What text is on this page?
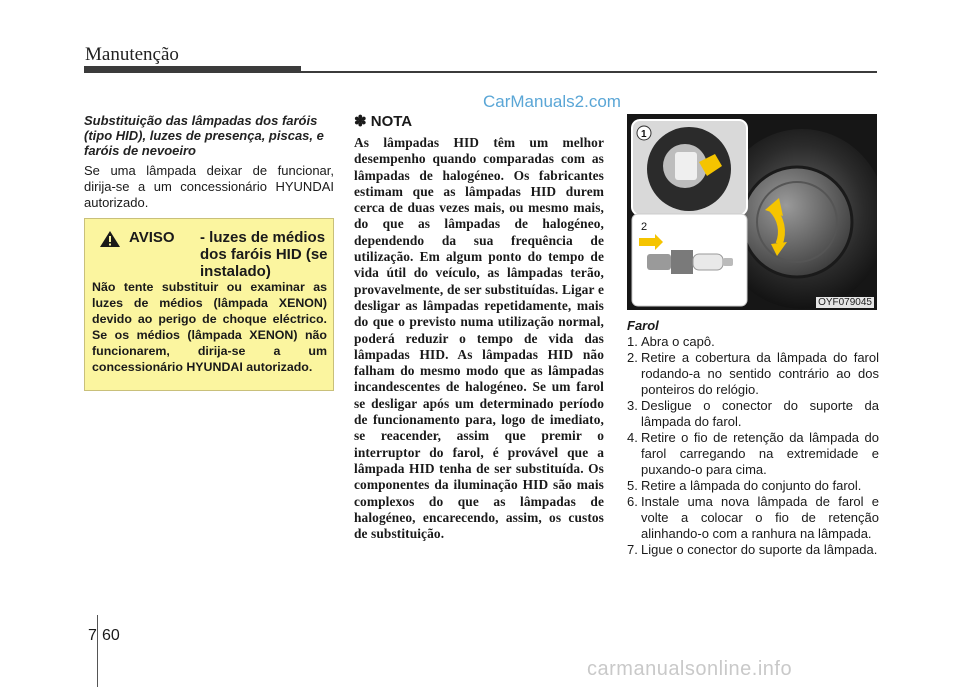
Manutenção
CarManuals2.com
Substituição das lâmpadas dos faróis (tipo HID), luzes de presença, piscas, e faróis de nevoeiro

Se uma lâmpada deixar de funcionar, dirija-se a um concessionário HYUNDAI autorizado.

AVISO - luzes de médios dos faróis HID (se instalado)
Não tente substituir ou examinar as luzes de médios (lâmpada XENON) devido ao perigo de choque eléctrico. Se os médios (lâmpada XENON) não funcionarem, dirija-se a um concessionário HYUNDAI autorizado.
✽ NOTA
As lâmpadas HID têm um melhor desempenho quando comparadas com as lâmpadas de halogéneo. Os fabricantes estimam que as lâmpadas HID durem cerca de duas vezes mais, ou mesmo mais, do que as lâmpadas de halogéneo, dependendo da sua frequência de utilização. Em algum ponto do tempo de vida útil do veículo, as lâmpadas terão, provavelmente, de ser substituídas. Ligar e desligar as lâmpadas repetidamente, mais do que o previsto numa utilização normal, poderá reduzir o tempo de vida das lâmpadas HID. As lâmpadas HID não falham do mesmo modo que as lâmpadas incandescentes de halogéneo. Se um farol se desligar após um determinado período de funcionamento para, logo de imediato, se reacender, assim que premir o interruptor do farol, é provável que a lâmpada HID tenha de ser substituída. Os componentes da iluminação HID são mais complexos do que as lâmpadas de halogéneo, encarecendo, assim, os custos de substituição.
1
2
OYF079045
Farol
1. Abra o capô.
2. Retire a cobertura da lâmpada do farol rodando-a no sentido contrário ao dos ponteiros do relógio.
3. Desligue o conector do suporte da lâmpada do farol.
4. Retire o fio de retenção da lâmpada do farol carregando na extremidade e puxando-o para cima.
5. Retire a lâmpada do conjunto do farol.
6. Instale uma nova lâmpada de farol e volte a colocar o fio de retenção alinhando-o com a ranhura na lâmpada.
7. Ligue o conector do suporte da lâmpada.
7 60
carmanualsonline.info
